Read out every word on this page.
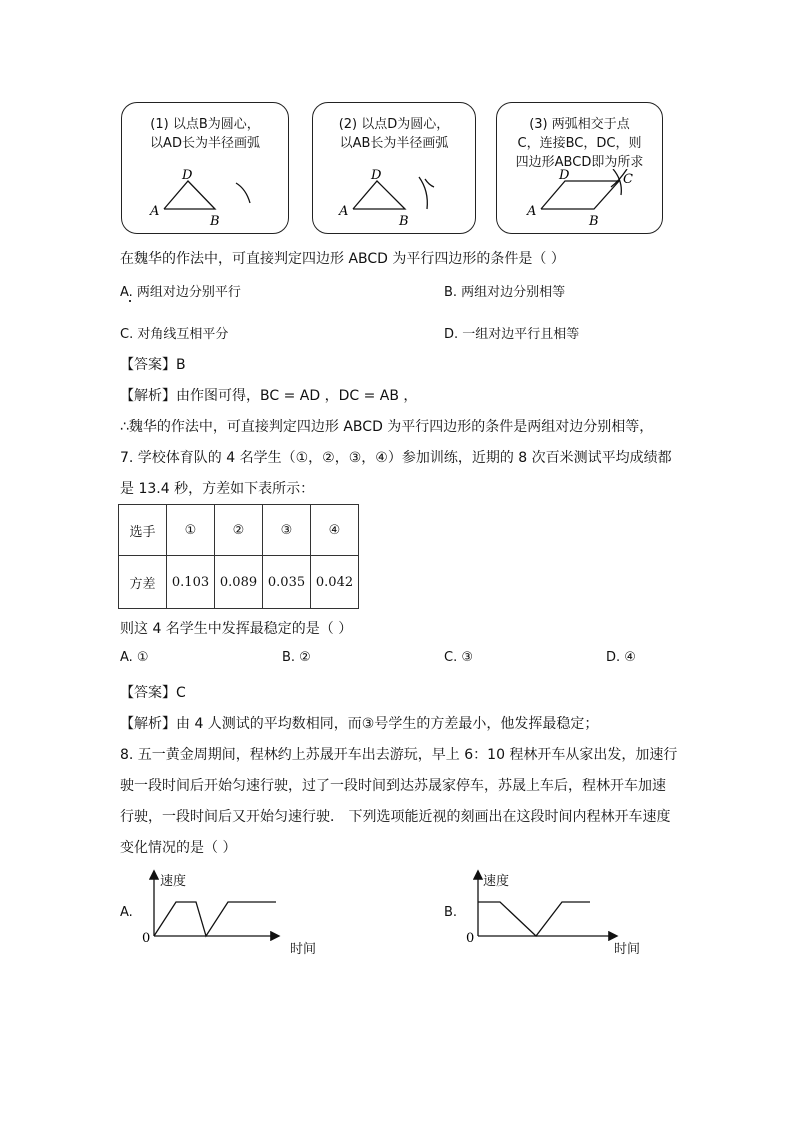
(1) 以点B为圆心，
以AD长为半径画弧
D
A
B
(2) 以点D为圆心，
以AB长为半径画弧
D
A
B
(3) 两弧相交于点
C，连接BC，DC，则
四边形ABCD即为所求
D	C
A
B
在魏华的作法中，可直接判定四边形 ABCD 为平行四边形的条件是（ ）
A. 两组对边分别平行	B. 两组对边分别相等
C. 对角线互相平分	D. 一组对边平行且相等
【答案】B
【解析】由作图可得，BC = AD ，DC = AB ，
∴魏华的作法中，可直接判定四边形 ABCD 为平行四边形的条件是两组对边分别相等，
7. 学校体育队的 4 名学生（①，②，③，④）参加训练，近期的 8 次百米测试平均成绩都
是 13.4 秒，方差如下表所示：
选手	①	②	③	④
方差	0.103	0.089	0.035	0.042
则这 4 名学生中发挥最稳定的是（ ）
A. ①	B. ②	C. ③	D. ④
【答案】C
【解析】由 4 人测试的平均数相同，而③号学生的方差最小，他发挥最稳定；
8. 五一黄金周期间，程林约上苏晟开车出去游玩，早上 6：10 程林开车从家出发，加速行
驶一段时间后开始匀速行驶，过了一段时间到达苏晟家停车，苏晟上车后，程林开车加速
行驶，一段时间后又开始匀速行驶． 下列选项能近视的刻画出在这段时间内程林开车速度
变化情况的是（ ）
A.
0
速度
时间
B.
0
速度
时间
